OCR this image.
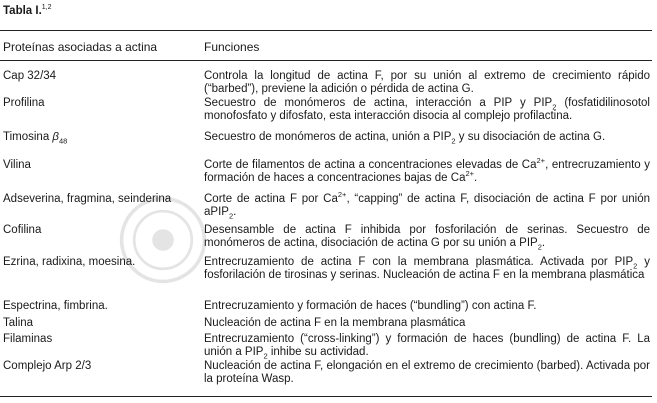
Tabla I.$^{1,2}$
Proteínas asociadas a actina	Funciones
Cap 32/34	Controla la longitud de actina F, por su unión al extremo de crecimiento rápido (“barbed”), previene la adición o pérdida de actina G.
Profilina	Secuestro de monómeros de actina, interacción a PIP y $PIP_2$ (fosfatidilinosotol monofosfato y difosfato, esta interacción disocia al complejo profilactina.
Timosina $\beta_{48}$	Secuestro de monómeros de actina, unión a $PIP_2$ y su disociación de actina G.
Vilina	Corte de filamentos de actina a concentraciones elevadas de $Ca^{2+}$, entrecruzamiento y formación de haces a concentraciones bajas de $Ca^{2+}$.
Adseverina, fragmina, seinderina	Corte de actina F por $Ca^{2+}$, “capping” de actina F, disociación de actina F por unión aPIP$_2$.
Cofilina	Desensamble de actina F inhibida por fosforilación de serinas. Secuestro de monómeros de actina, disociación de actina G por su unión a $PIP_2$.
Ezrina, radixina, moesina.	Entrecruzamiento de actina F con la membrana plasmática. Activada por $PIP_2$ y fosforilación de tirosinas y serinas. Nucleación de actina F en la membrana plasmática
Espectrina, fimbrina.	Entrecruzamiento y formación de haces (“bundling”) con actina F.
Talina	Nucleación de actina F en la membrana plasmática
Filaminas	Entrecruzamiento (“cross-linking”) y formación de haces (bundling) de actina F. La unión a $PIP_2$ inhibe su actividad.
Complejo Arp 2/3	Nucleación de actina F, elongación en el extremo de crecimiento (barbed). Activada por la proteína Wasp.
